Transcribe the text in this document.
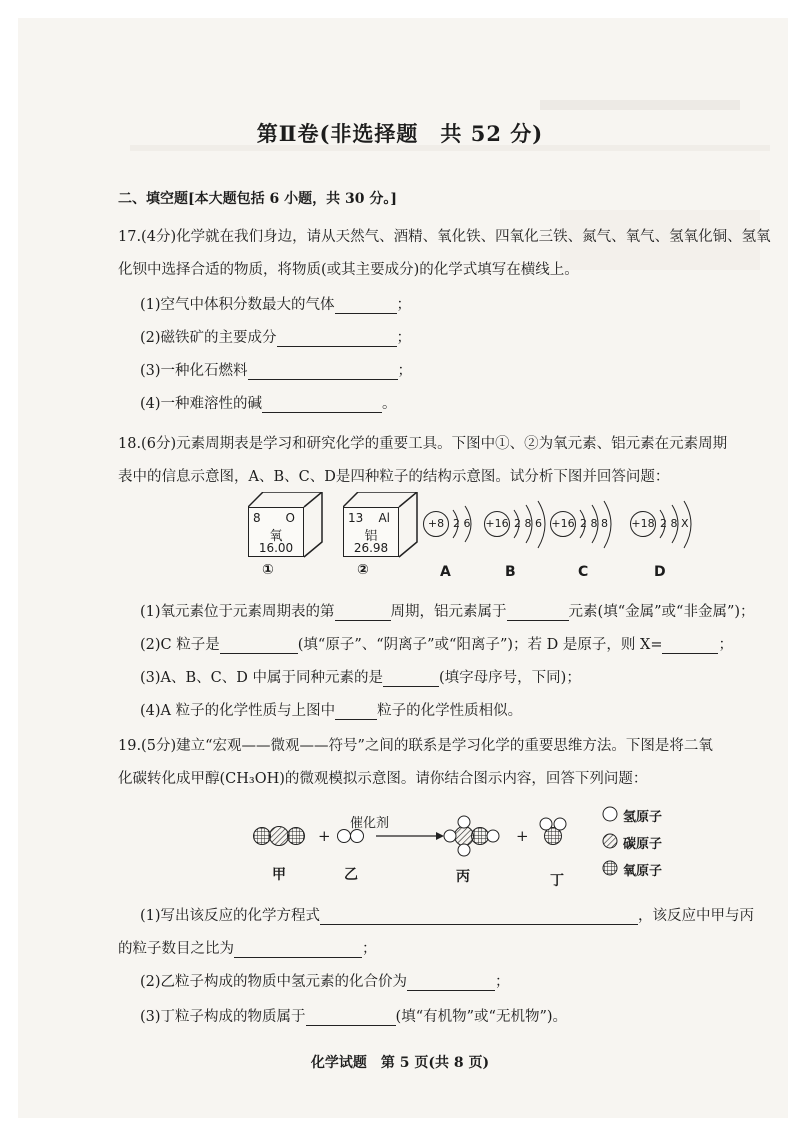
第Ⅱ卷(非选择题　共 52 分)
二、填空题[本大题包括 6 小题，共 30 分。]
17.(4分)化学就在我们身边，请从天然气、酒精、氧化铁、四氧化三铁、氮气、氧气、氢氧化铜、氢氧
化钡中选择合适的物质，将物质(或其主要成分)的化学式填写在横线上。
(1)空气中体积分数最大的气体	；
(2)磁铁矿的主要成分	；
(3)一种化石燃料	；
(4)一种难溶性的碱	。
18.(6分)元素周期表是学习和研究化学的重要工具。下图中①、②为氧元素、铝元素在元素周期
表中的信息示意图，A、B、C、D是四种粒子的结构示意图。试分析下图并回答问题：
8 O
氧
16.00
①
13 Al
铝
26.98
②
+8 2 6
A
+16 2 8 6
B
+16 2 8 8
C
+18 2 8 X
D
(1)氧元素位于元素周期表的第	周期，铝元素属于	元素(填“金属”或“非金属”)；
(2)C 粒子是	(填“原子”、“阴离子”或“阳离子”)；若 D 是原子，则 X=	；
(3)A、B、C、D 中属于同种元素的是	(填字母序号，下同)；
(4)A 粒子的化学性质与上图中	粒子的化学性质相似。
19.(5分)建立“宏观——微观——符号”之间的联系是学习化学的重要思维方法。下图是将二氧
化碳转化成甲醇(CH₃OH)的微观模拟示意图。请你结合图示内容，回答下列问题：
催化剂
+	+
甲	乙	丙	丁
氢原子
碳原子
氧原子
(1)写出该反应的化学方程式	，该反应中甲与丙
的粒子数目之比为	；
(2)乙粒子构成的物质中氢元素的化合价为	；
(3)丁粒子构成的物质属于	(填“有机物”或“无机物”)。
化学试题　第 5 页(共 8 页)
